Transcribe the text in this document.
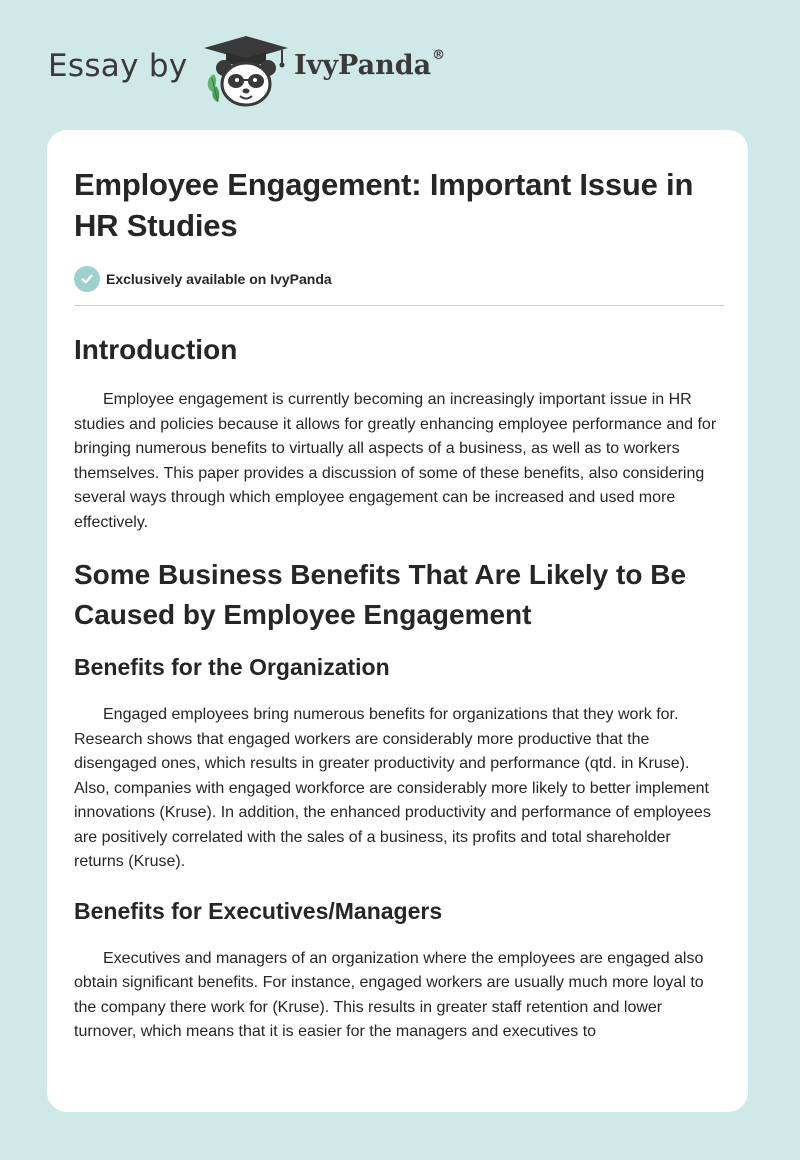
Essay by	IvyPanda®
Employee Engagement: Important Issue in HR Studies
Exclusively available on IvyPanda
Introduction

Employee engagement is currently becoming an increasingly important issue in HR studies and policies because it allows for greatly enhancing employee performance and for bringing numerous benefits to virtually all aspects of a business, as well as to workers themselves. This paper provides a discussion of some of these benefits, also considering several ways through which employee engagement can be increased and used more effectively.

Some Business Benefits That Are Likely to Be Caused by Employee Engagement
Benefits for the Organization

Engaged employees bring numerous benefits for organizations that they work for. Research shows that engaged workers are considerably more productive that the disengaged ones, which results in greater productivity and performance (qtd. in Kruse). Also, companies with engaged workforce are considerably more likely to better implement innovations (Kruse). In addition, the enhanced productivity and performance of employees are positively correlated with the sales of a business, its profits and total shareholder returns (Kruse).

Benefits for Executives/Managers

Executives and managers of an organization where the employees are engaged also obtain significant benefits. For instance, engaged workers are usually much more loyal to the company there work for (Kruse). This results in greater staff retention and lower turnover, which means that it is easier for the managers and executives to
